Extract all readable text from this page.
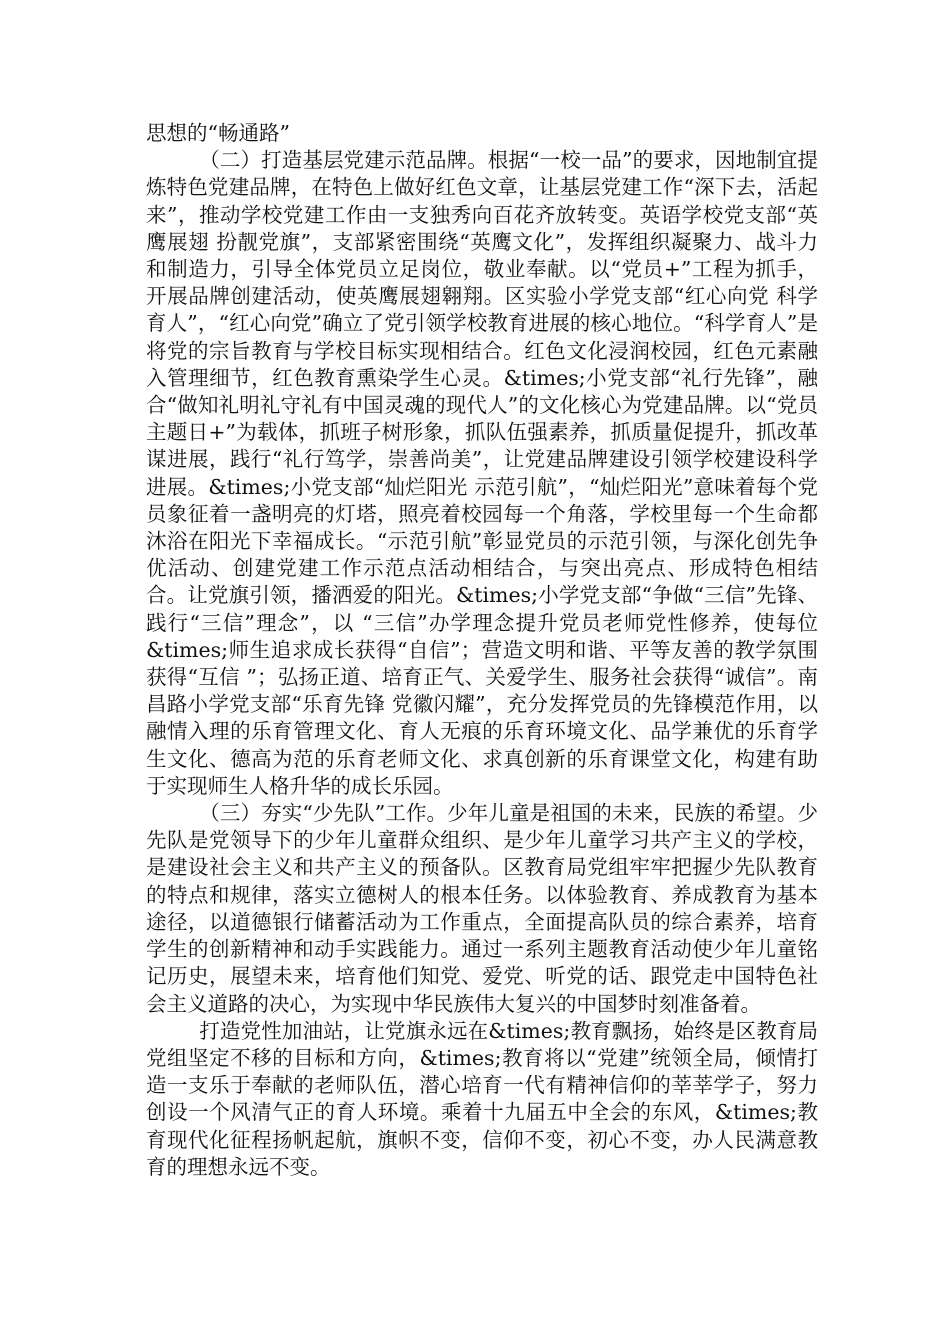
思想的“畅通路”

（二）打造基层党建示范品牌。根据“一校一品”的要求，因地制宜提炼特色党建品牌，在特色上做好红色文章，让基层党建工作“深下去，活起来”，推动学校党建工作由一支独秀向百花齐放转变。英语学校党支部“英鹰展翅 扮靓党旗”，支部紧密围绕“英鹰文化”，发挥组织凝聚力、战斗力和制造力，引导全体党员立足岗位，敬业奉献。以“党员+”工程为抓手，开展品牌创建活动，使英鹰展翅翱翔。区实验小学党支部“红心向党 科学育人”，“红心向党”确立了党引领学校教育进展的核心地位。“科学育人”是将党的宗旨教育与学校目标实现相结合。红色文化浸润校园，红色元素融入管理细节，红色教育熏染学生心灵。&times;小党支部“礼行先锋”，融合“做知礼明礼守礼有中国灵魂的现代人”的文化核心为党建品牌。以“党员主题日+”为载体，抓班子树形象，抓队伍强素养，抓质量促提升，抓改革谋进展，践行“礼行笃学，崇善尚美”，让党建品牌建设引领学校建设科学进展。&times;小党支部“灿烂阳光 示范引航”，“灿烂阳光”意味着每个党员象征着一盏明亮的灯塔，照亮着校园每一个角落，学校里每一个生命都沐浴在阳光下幸福成长。“示范引航”彰显党员的示范引领，与深化创先争优活动、创建党建工作示范点活动相结合，与突出亮点、形成特色相结合。让党旗引领，播洒爱的阳光。&times;小学党支部“争做“三信”先锋、践行“三信”理念”，以 “三信”办学理念提升党员老师党性修养，使每位&times;师生追求成长获得“自信”；营造文明和谐、平等友善的教学氛围获得“互信 ”；弘扬正道、培育正气、关爱学生、服务社会获得“诚信”。南昌路小学党支部“乐育先锋 党徽闪耀”，充分发挥党员的先锋模范作用，以融情入理的乐育管理文化、育人无痕的乐育环境文化、品学兼优的乐育学生文化、德高为范的乐育老师文化、求真创新的乐育课堂文化，构建有助于实现师生人格升华的成长乐园。

（三）夯实“少先队”工作。少年儿童是祖国的未来，民族的希望。少先队是党领导下的少年儿童群众组织、是少年儿童学习共产主义的学校，是建设社会主义和共产主义的预备队。区教育局党组牢牢把握少先队教育的特点和规律，落实立德树人的根本任务。以体验教育、养成教育为基本途径，以道德银行储蓄活动为工作重点，全面提高队员的综合素养，培育学生的创新精神和动手实践能力。通过一系列主题教育活动使少年儿童铭记历史，展望未来，培育他们知党、爱党、听党的话、跟党走中国特色社会主义道路的决心，为实现中华民族伟大复兴的中国梦时刻准备着。

打造党性加油站，让党旗永远在&times;教育飘扬，始终是区教育局党组坚定不移的目标和方向，&times;教育将以“党建”统领全局，倾情打造一支乐于奉献的老师队伍，潜心培育一代有精神信仰的莘莘学子，努力创设一个风清气正的育人环境。乘着十九届五中全会的东风，&times;教育现代化征程扬帆起航，旗帜不变，信仰不变，初心不变，办人民满意教育的理想永远不变。
